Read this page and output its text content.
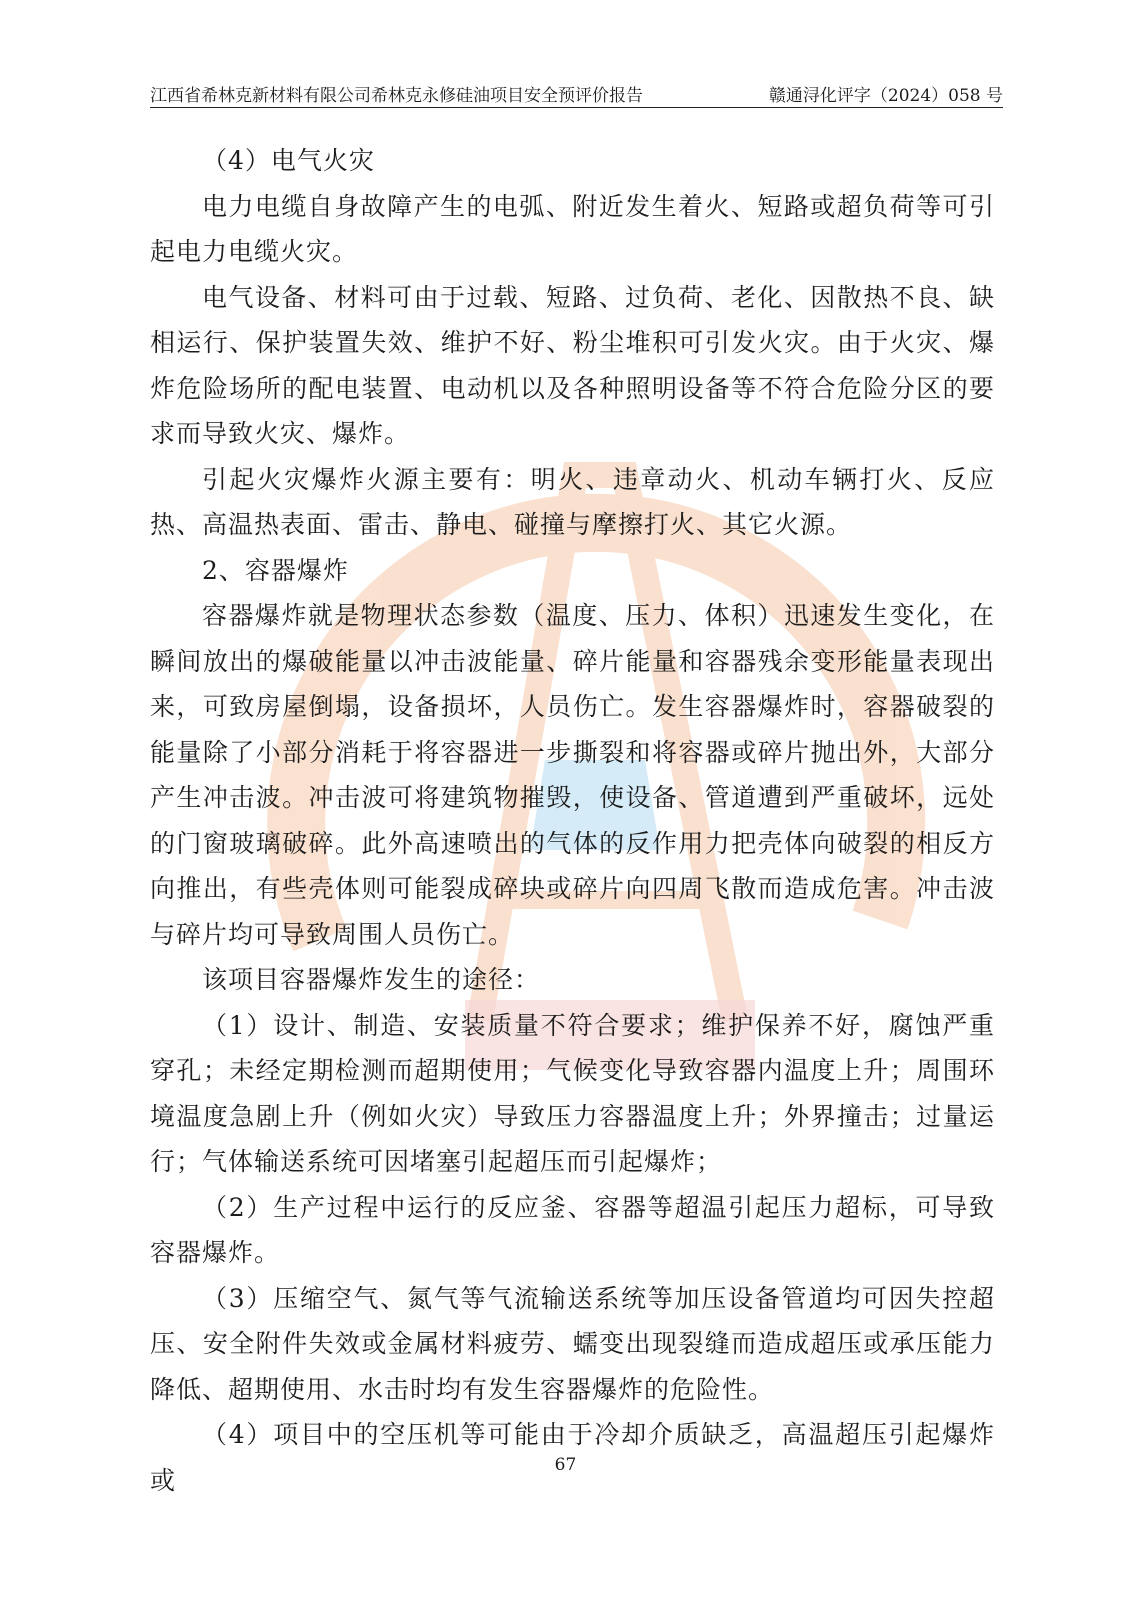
江西省希林克新材料有限公司希林克永修硅油项目安全预评价报告	赣通浔化评字（2024）058 号

（4）电气火灾

电力电缆自身故障产生的电弧、附近发生着火、短路或超负荷等可引起电力电缆火灾。

电气设备、材料可由于过载、短路、过负荷、老化、因散热不良、缺相运行、保护装置失效、维护不好、粉尘堆积可引发火灾。由于火灾、爆炸危险场所的配电装置、电动机以及各种照明设备等不符合危险分区的要求而导致火灾、爆炸。

引起火灾爆炸火源主要有：明火、违章动火、机动车辆打火、反应热、高温热表面、雷击、静电、碰撞与摩擦打火、其它火源。

2、容器爆炸

容器爆炸就是物理状态参数（温度、压力、体积）迅速发生变化，在瞬间放出的爆破能量以冲击波能量、碎片能量和容器残余变形能量表现出来，可致房屋倒塌，设备损坏，人员伤亡。发生容器爆炸时，容器破裂的能量除了小部分消耗于将容器进一步撕裂和将容器或碎片抛出外，大部分产生冲击波。冲击波可将建筑物摧毁，使设备、管道遭到严重破坏，远处的门窗玻璃破碎。此外高速喷出的气体的反作用力把壳体向破裂的相反方向推出，有些壳体则可能裂成碎块或碎片向四周飞散而造成危害。冲击波与碎片均可导致周围人员伤亡。

该项目容器爆炸发生的途径：

（1）设计、制造、安装质量不符合要求；维护保养不好，腐蚀严重穿孔；未经定期检测而超期使用；气候变化导致容器内温度上升；周围环境温度急剧上升（例如火灾）导致压力容器温度上升；外界撞击；过量运行；气体输送系统可因堵塞引起超压而引起爆炸；

（2）生产过程中运行的反应釜、容器等超温引起压力超标，可导致容器爆炸。

（3）压缩空气、氮气等气流输送系统等加压设备管道均可因失控超压、安全附件失效或金属材料疲劳、蠕变出现裂缝而造成超压或承压能力降低、超期使用、水击时均有发生容器爆炸的危险性。

（4）项目中的空压机等可能由于冷却介质缺乏，高温超压引起爆炸或

67
